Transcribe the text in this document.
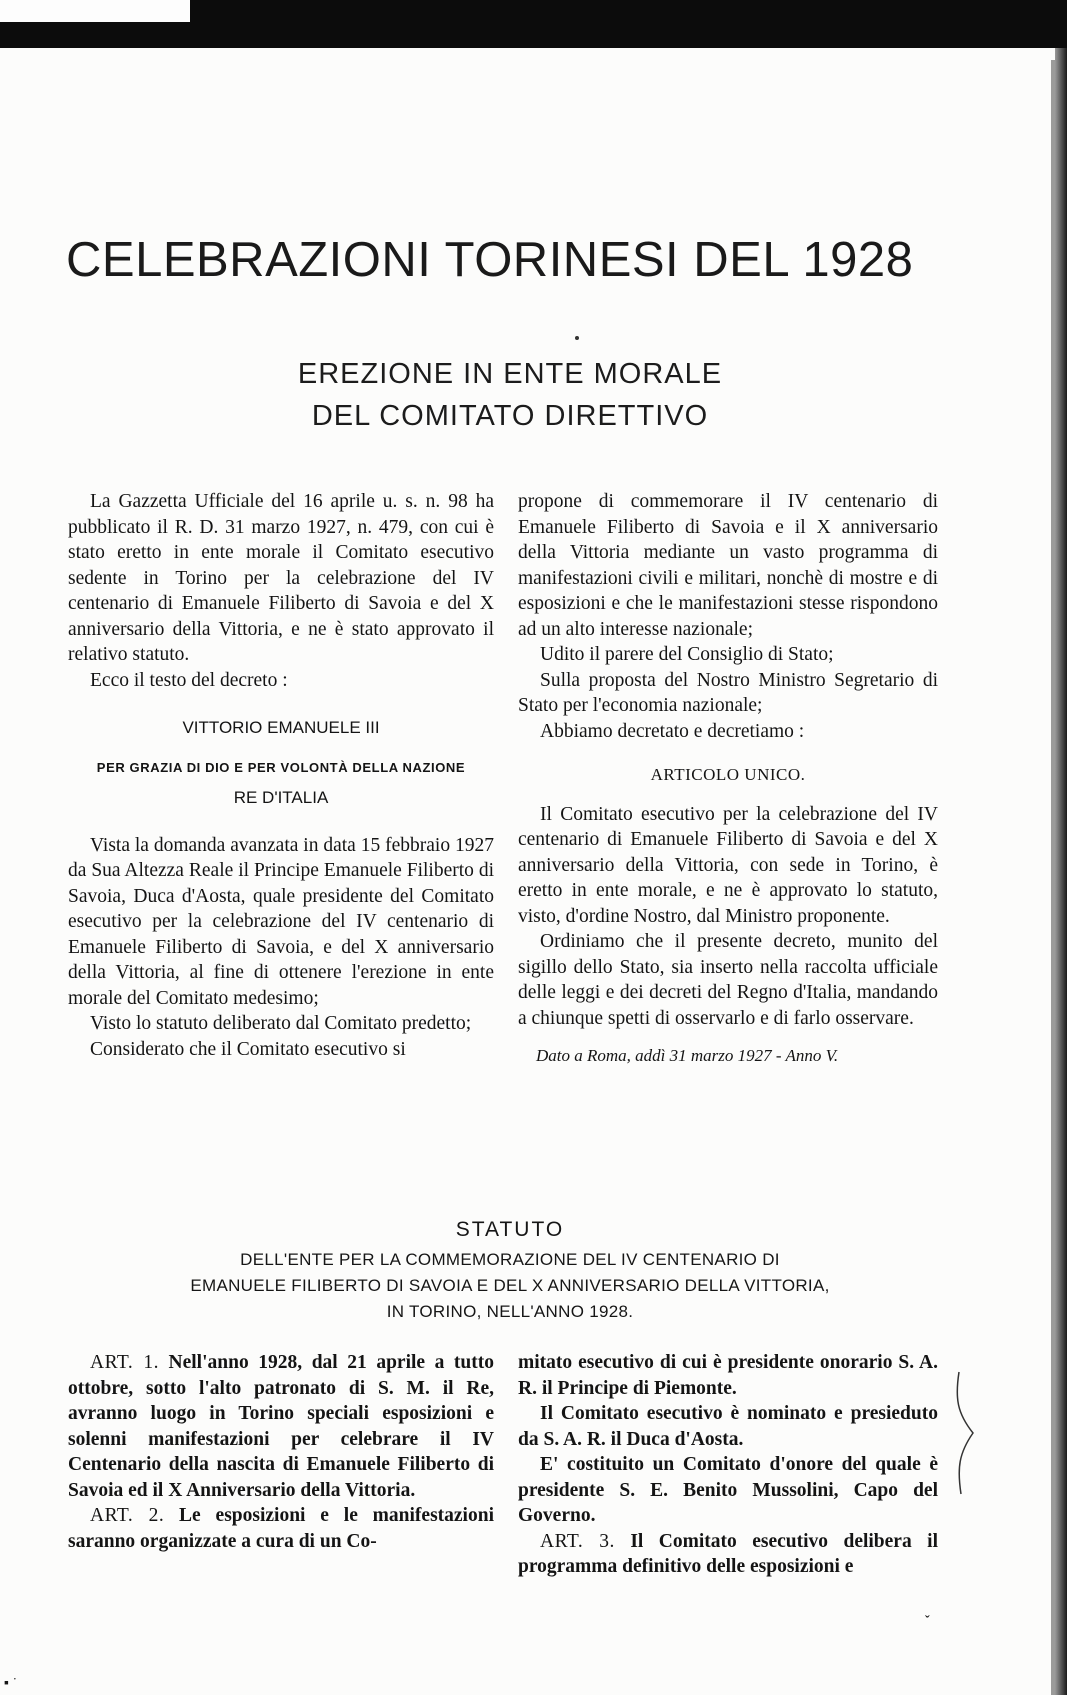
CELEBRAZIONI TORINESI DEL 1928
EREZIONE IN ENTE MORALE
DEL COMITATO DIRETTIVO

La Gazzetta Ufficiale del 16 aprile u. s. n. 98 ha pubblicato il R. D. 31 marzo 1927, n. 479, con cui è stato eretto in ente morale il Comitato esecutivo sedente in Torino per la celebrazione del IV centenario di Emanuele Filiberto di Savoia e del X anniversario della Vittoria, e ne è stato approvato il relativo statuto.

Ecco il testo del decreto :

VITTORIO EMANUELE III

PER GRAZIA DI DIO E PER VOLONTÀ DELLA NAZIONE

RE D'ITALIA

Vista la domanda avanzata in data 15 febbraio 1927 da Sua Altezza Reale il Principe Emanuele Filiberto di Savoia, Duca d'Aosta, quale presidente del Comitato esecutivo per la celebrazione del IV centenario di Emanuele Filiberto di Savoia, e del X anniversario della Vittoria, al fine di ottenere l'erezione in ente morale del Comitato medesimo;

Visto lo statuto deliberato dal Comitato predetto;

Considerato che il Comitato esecutivo si

propone di commemorare il IV centenario di Emanuele Filiberto di Savoia e il X anniversario della Vittoria mediante un vasto programma di manifestazioni civili e militari, nonchè di mostre e di esposizioni e che le manifestazioni stesse rispondono ad un alto interesse nazionale;

Udito il parere del Consiglio di Stato;

Sulla proposta del Nostro Ministro Segretario di Stato per l'economia nazionale;

Abbiamo decretato e decretiamo :

ARTICOLO UNICO.

Il Comitato esecutivo per la celebrazione del IV centenario di Emanuele Filiberto di Savoia e del X anniversario della Vittoria, con sede in Torino, è eretto in ente morale, e ne è approvato lo statuto, visto, d'ordine Nostro, dal Ministro proponente.

Ordiniamo che il presente decreto, munito del sigillo dello Stato, sia inserto nella raccolta ufficiale delle leggi e dei decreti del Regno d'Italia, mandando a chiunque spetti di osservarlo e di farlo osservare.

Dato a Roma, addì 31 marzo 1927 - Anno V.

STATUTO

DELL'ENTE PER LA COMMEMORAZIONE DEL IV CENTENARIO DI

EMANUELE FILIBERTO DI SAVOIA E DEL X ANNIVERSARIO DELLA VITTORIA,

IN TORINO, NELL'ANNO 1928.

ART. 1. Nell'anno 1928, dal 21 aprile a tutto ottobre, sotto l'alto patronato di S. M. il Re, avranno luogo in Torino speciali esposizioni e solenni manifestazioni per celebrare il IV Centenario della nascita di Emanuele Filiberto di Savoia ed il X Anniversario della Vittoria.

ART. 2. Le esposizioni e le manifestazioni saranno organizzate a cura di un Co-

mitato esecutivo di cui è presidente onorario S. A. R. il Principe di Piemonte.

Il Comitato esecutivo è nominato e presieduto da S. A. R. il Duca d'Aosta.

E' costituito un Comitato d'onore del quale è presidente S. E. Benito Mussolini, Capo del Governo.

ART. 3. Il Comitato esecutivo delibera il programma definitivo delle esposizioni e

▪ ˙
ˇ
